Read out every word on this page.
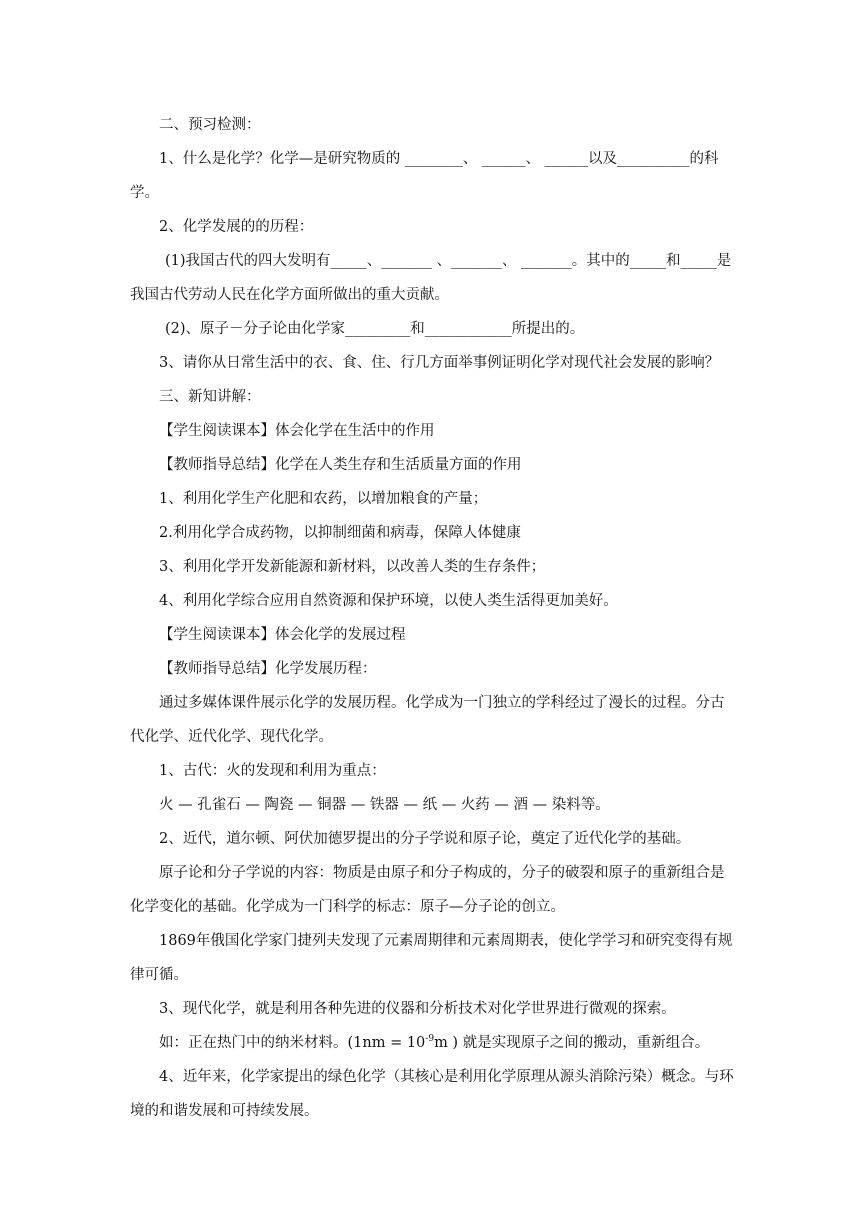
二、预习检测：

1、什么是化学？化学—是研究物质的 ________、 ______、 ______以及__________的科学。

2、化学发展的的历程：

(1)我国古代的四大发明有_____、_______ 、_______、 _______。其中的_____和_____是我国古代劳动人民在化学方面所做出的重大贡献。

(2)、原子－分子论由化学家_________和____________所提出的。

3、请你从日常生活中的衣、食、住、行几方面举事例证明化学对现代社会发展的影响？

三、新知讲解：

【学生阅读课本】体会化学在生活中的作用

【教师指导总结】化学在人类生存和生活质量方面的作用

1、利用化学生产化肥和农药，以增加粮食的产量；

2.利用化学合成药物，以抑制细菌和病毒，保障人体健康

3、利用化学开发新能源和新材料，以改善人类的生存条件；

4、利用化学综合应用自然资源和保护环境，以使人类生活得更加美好。

【学生阅读课本】体会化学的发展过程

【教师指导总结】化学发展历程：

通过多媒体课件展示化学的发展历程。化学成为一门独立的学科经过了漫长的过程。分古代化学、近代化学、现代化学。

1、古代：火的发现和利用为重点：

火 — 孔雀石 — 陶瓷 — 铜器 — 铁器 — 纸 — 火药 — 酒 — 染料等。

2、近代，道尔顿、阿伏加德罗提出的分子学说和原子论，奠定了近代化学的基础。

原子论和分子学说的内容：物质是由原子和分子构成的，分子的破裂和原子的重新组合是化学变化的基础。化学成为一门科学的标志：原子—分子论的创立。

1869年俄国化学家门捷列夫发现了元素周期律和元素周期表，使化学学习和研究变得有规律可循。

3、现代化学，就是利用各种先进的仪器和分析技术对化学世界进行微观的探索。

如：正在热门中的纳米材料。($1nm = 10^{-9}m$ ) 就是实现原子之间的搬动，重新组合。

4、近年来，化学家提出的绿色化学（其核心是利用化学原理从源头消除污染）概念。与环境的和谐发展和可持续发展。
